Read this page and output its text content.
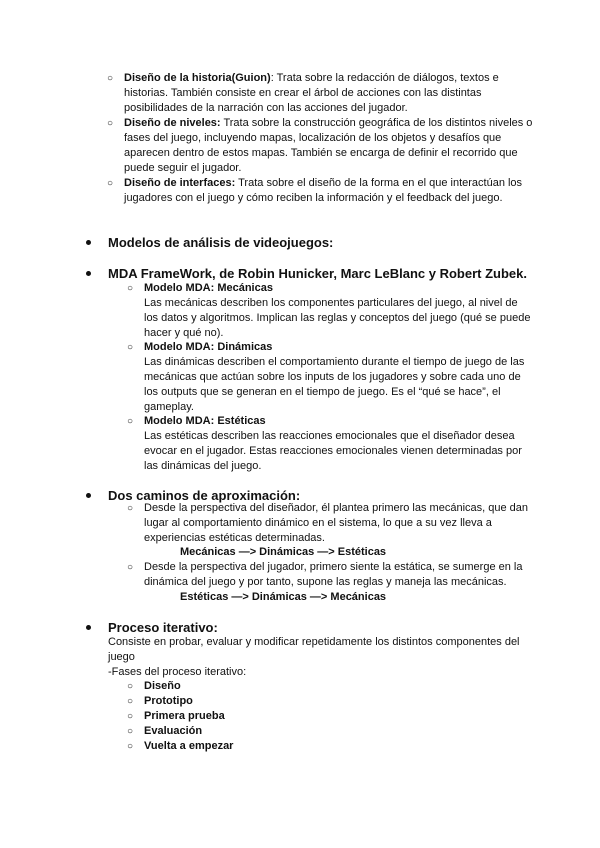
○ Diseño de la historia(Guion): Trata sobre la redacción de diálogos, textos e historias. También consiste en crear el árbol de acciones con las distintas posibilidades de la narración con las acciones del jugador.

○ Diseño de niveles: Trata sobre la construcción geográfica de los distintos niveles o fases del juego, incluyendo mapas, localización de los objetos y desafíos que aparecen dentro de estos mapas. También se encarga de definir el recorrido que puede seguir el jugador.

○ Diseño de interfaces: Trata sobre el diseño de la forma en el que interactúan los jugadores con el juego y cómo reciben la información y el feedback del juego.

Modelos de análisis de videojuegos:

MDA FrameWork, de Robin Hunicker, Marc LeBlanc y Robert Zubek.

○ Modelo MDA: Mecánicas
Las mecánicas describen los componentes particulares del juego, al nivel de los datos y algoritmos. Implican las reglas y conceptos del juego (qué se puede hacer y qué no).

○ Modelo MDA: Dinámicas
Las dinámicas describen el comportamiento durante el tiempo de juego de las mecánicas que actúan sobre los inputs de los jugadores y sobre cada uno de los outputs que se generan en el tiempo de juego. Es el “qué se hace”, el gameplay.

○ Modelo MDA: Estéticas
Las estéticas describen las reacciones emocionales que el diseñador desea evocar en el jugador. Estas reacciones emocionales vienen determinadas por las dinámicas del juego.

Dos caminos de aproximación:

○ Desde la perspectiva del diseñador, él plantea primero las mecánicas, que dan lugar al comportamiento dinámico en el sistema, lo que a su vez lleva a experiencias estéticas determinadas.

Mecánicas —> Dinámicas —> Estéticas

○ Desde la perspectiva del jugador, primero siente la estática, se sumerge en la dinámica del juego y por tanto, supone las reglas y maneja las mecánicas.

Estéticas —> Dinámicas —> Mecánicas

Proceso iterativo:

Consiste en probar, evaluar y modificar repetidamente los distintos componentes del juego

-Fases del proceso iterativo:

○ Diseño

○ Prototipo

○ Primera prueba

○ Evaluación

○ Vuelta a empezar
